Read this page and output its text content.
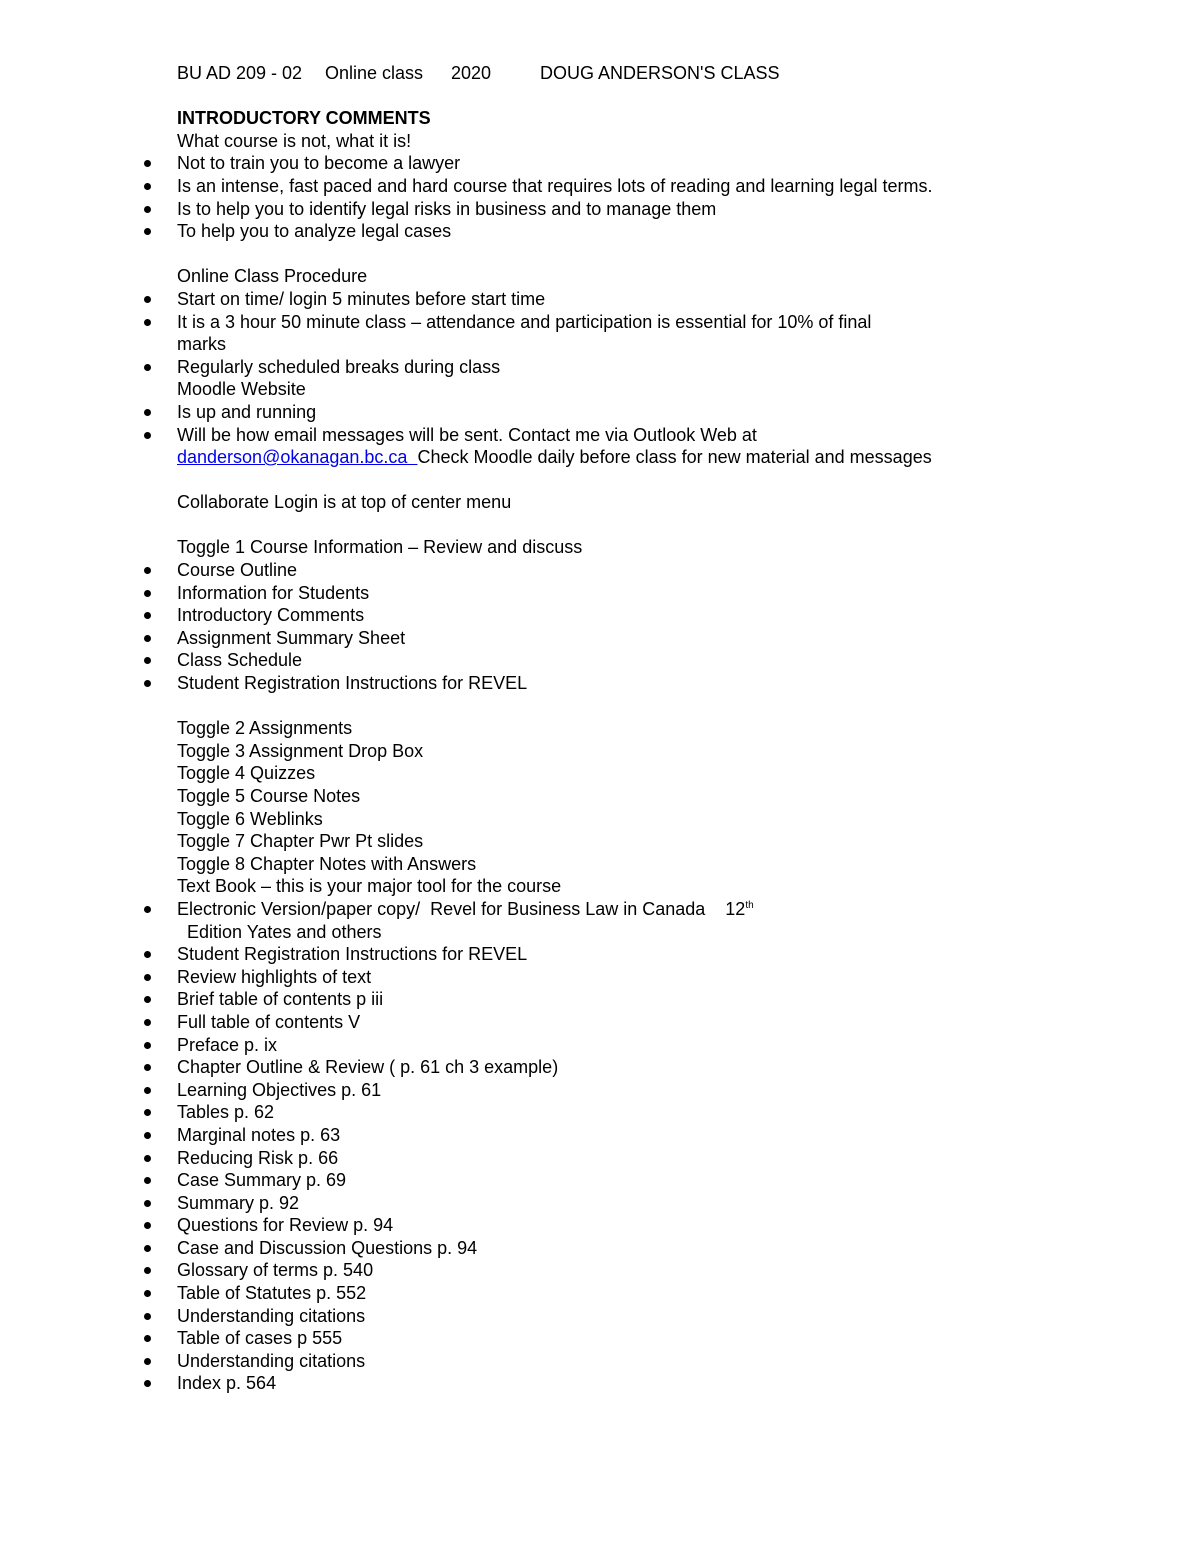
BU AD 209 - 02 Online class 2020	DOUG ANDERSON'S CLASS
INTRODUCTORY COMMENTS
What course is not, what it is!
Not to train you to become a lawyer
Is an intense, fast paced and hard course that requires lots of reading and learning legal terms.
Is to help you to identify legal risks in business and to manage them
To help you to analyze legal cases
Online Class Procedure
Start on time/ login 5 minutes before start time
It is a 3 hour 50 minute class – attendance and participation is essential for 10% of final marks
Regularly scheduled breaks during class
Moodle Website
Is up and running
Will be how email messages will be sent. Contact me via Outlook Web at
danderson@okanagan.bc.ca Check Moodle daily before class for new material and messages
Collaborate Login is at top of center menu
Toggle 1 Course Information – Review and discuss
Course Outline
Information for Students
Introductory Comments
Assignment Summary Sheet
Class Schedule
Student Registration Instructions for REVEL
Toggle 2 Assignments
Toggle 3 Assignment Drop Box
Toggle 4 Quizzes
Toggle 5 Course Notes
Toggle 6 Weblinks
Toggle 7 Chapter Pwr Pt slides
Toggle 8 Chapter Notes with Answers
Text Book – this is your major tool for the course
Electronic Version/paper copy/  Revel for Business Law in Canada    12th  Edition Yates and others
Student Registration Instructions for REVEL
Review highlights of text
Brief table of contents p iii
Full table of contents V
Preface p. ix
Chapter Outline & Review ( p. 61 ch 3 example)
Learning Objectives p. 61
Tables p. 62
Marginal notes p. 63
Reducing Risk p. 66
Case Summary p. 69
Summary p. 92
Questions for Review p. 94
Case and Discussion Questions p. 94
Glossary of terms p. 540
Table of Statutes p. 552
Understanding citations
Table of cases p 555
Understanding citations
Index p. 564
